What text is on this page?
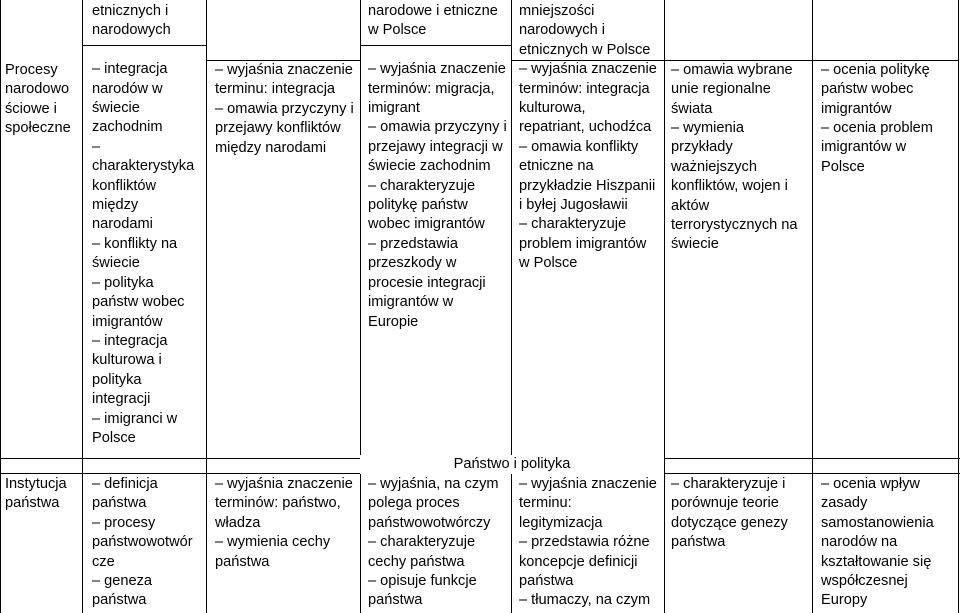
Procesy
narodowo
ściowe i
społeczne
etnicznych i
narodowych

– integracja
narodów w
świecie
zachodnim
–
charakterystyka
konfliktów
między
narodami
– konflikty na
świecie
– polityka
państw wobec
imigrantów
– integracja
kulturowa i
polityka
integracji
– imigranci w
Polsce
– wyjaśnia znaczenie
terminu: integracja
– omawia przyczyny i
przejawy konfliktów
między narodami
narodowe i etniczne
w Polsce

– wyjaśnia znaczenie
terminów: migracja,
imigrant
– omawia przyczyny i
przejawy integracji w
świecie zachodnim
– charakteryzuje
politykę państw
wobec imigrantów
– przedstawia
przeszkody w
procesie integracji
imigrantów w
Europie
mniejszości
narodowych i
etnicznych w Polsce
– wyjaśnia znaczenie
terminów: integracja
kulturowa,
repatriant, uchodźca
– omawia konflikty
etniczne na
przykładzie Hiszpanii
i byłej Jugosławii
– charakteryzuje
problem imigrantów
w Polsce

– omawia wybrane
unie regionalne
świata
– wymienia
przykłady
ważniejszych
konfliktów, wojen i
aktów
terrorystycznych na
świecie

– ocenia politykę
państw wobec
imigrantów
– ocenia problem
imigrantów w
Polsce
Państwo i polityka
Instytucja
państwa
– definicja
państwa
– procesy
państwowotwór
cze
– geneza
państwa
– wyjaśnia znaczenie
terminów: państwo,
władza
– wymienia cechy
państwa
– wyjaśnia, na czym
polega proces
państwowotwórczy
– charakteryzuje
cechy państwa
– opisuje funkcje
państwa
– wyjaśnia znaczenie
terminu:
legitymizacja
– przedstawia różne
koncepcje definicji
państwa
– tłumaczy, na czym
– charakteryzuje i
porównuje teorie
dotyczące genezy
państwa
– ocenia wpływ
zasady
samostanowienia
narodów na
kształtowanie się
współczesnej
Europy
